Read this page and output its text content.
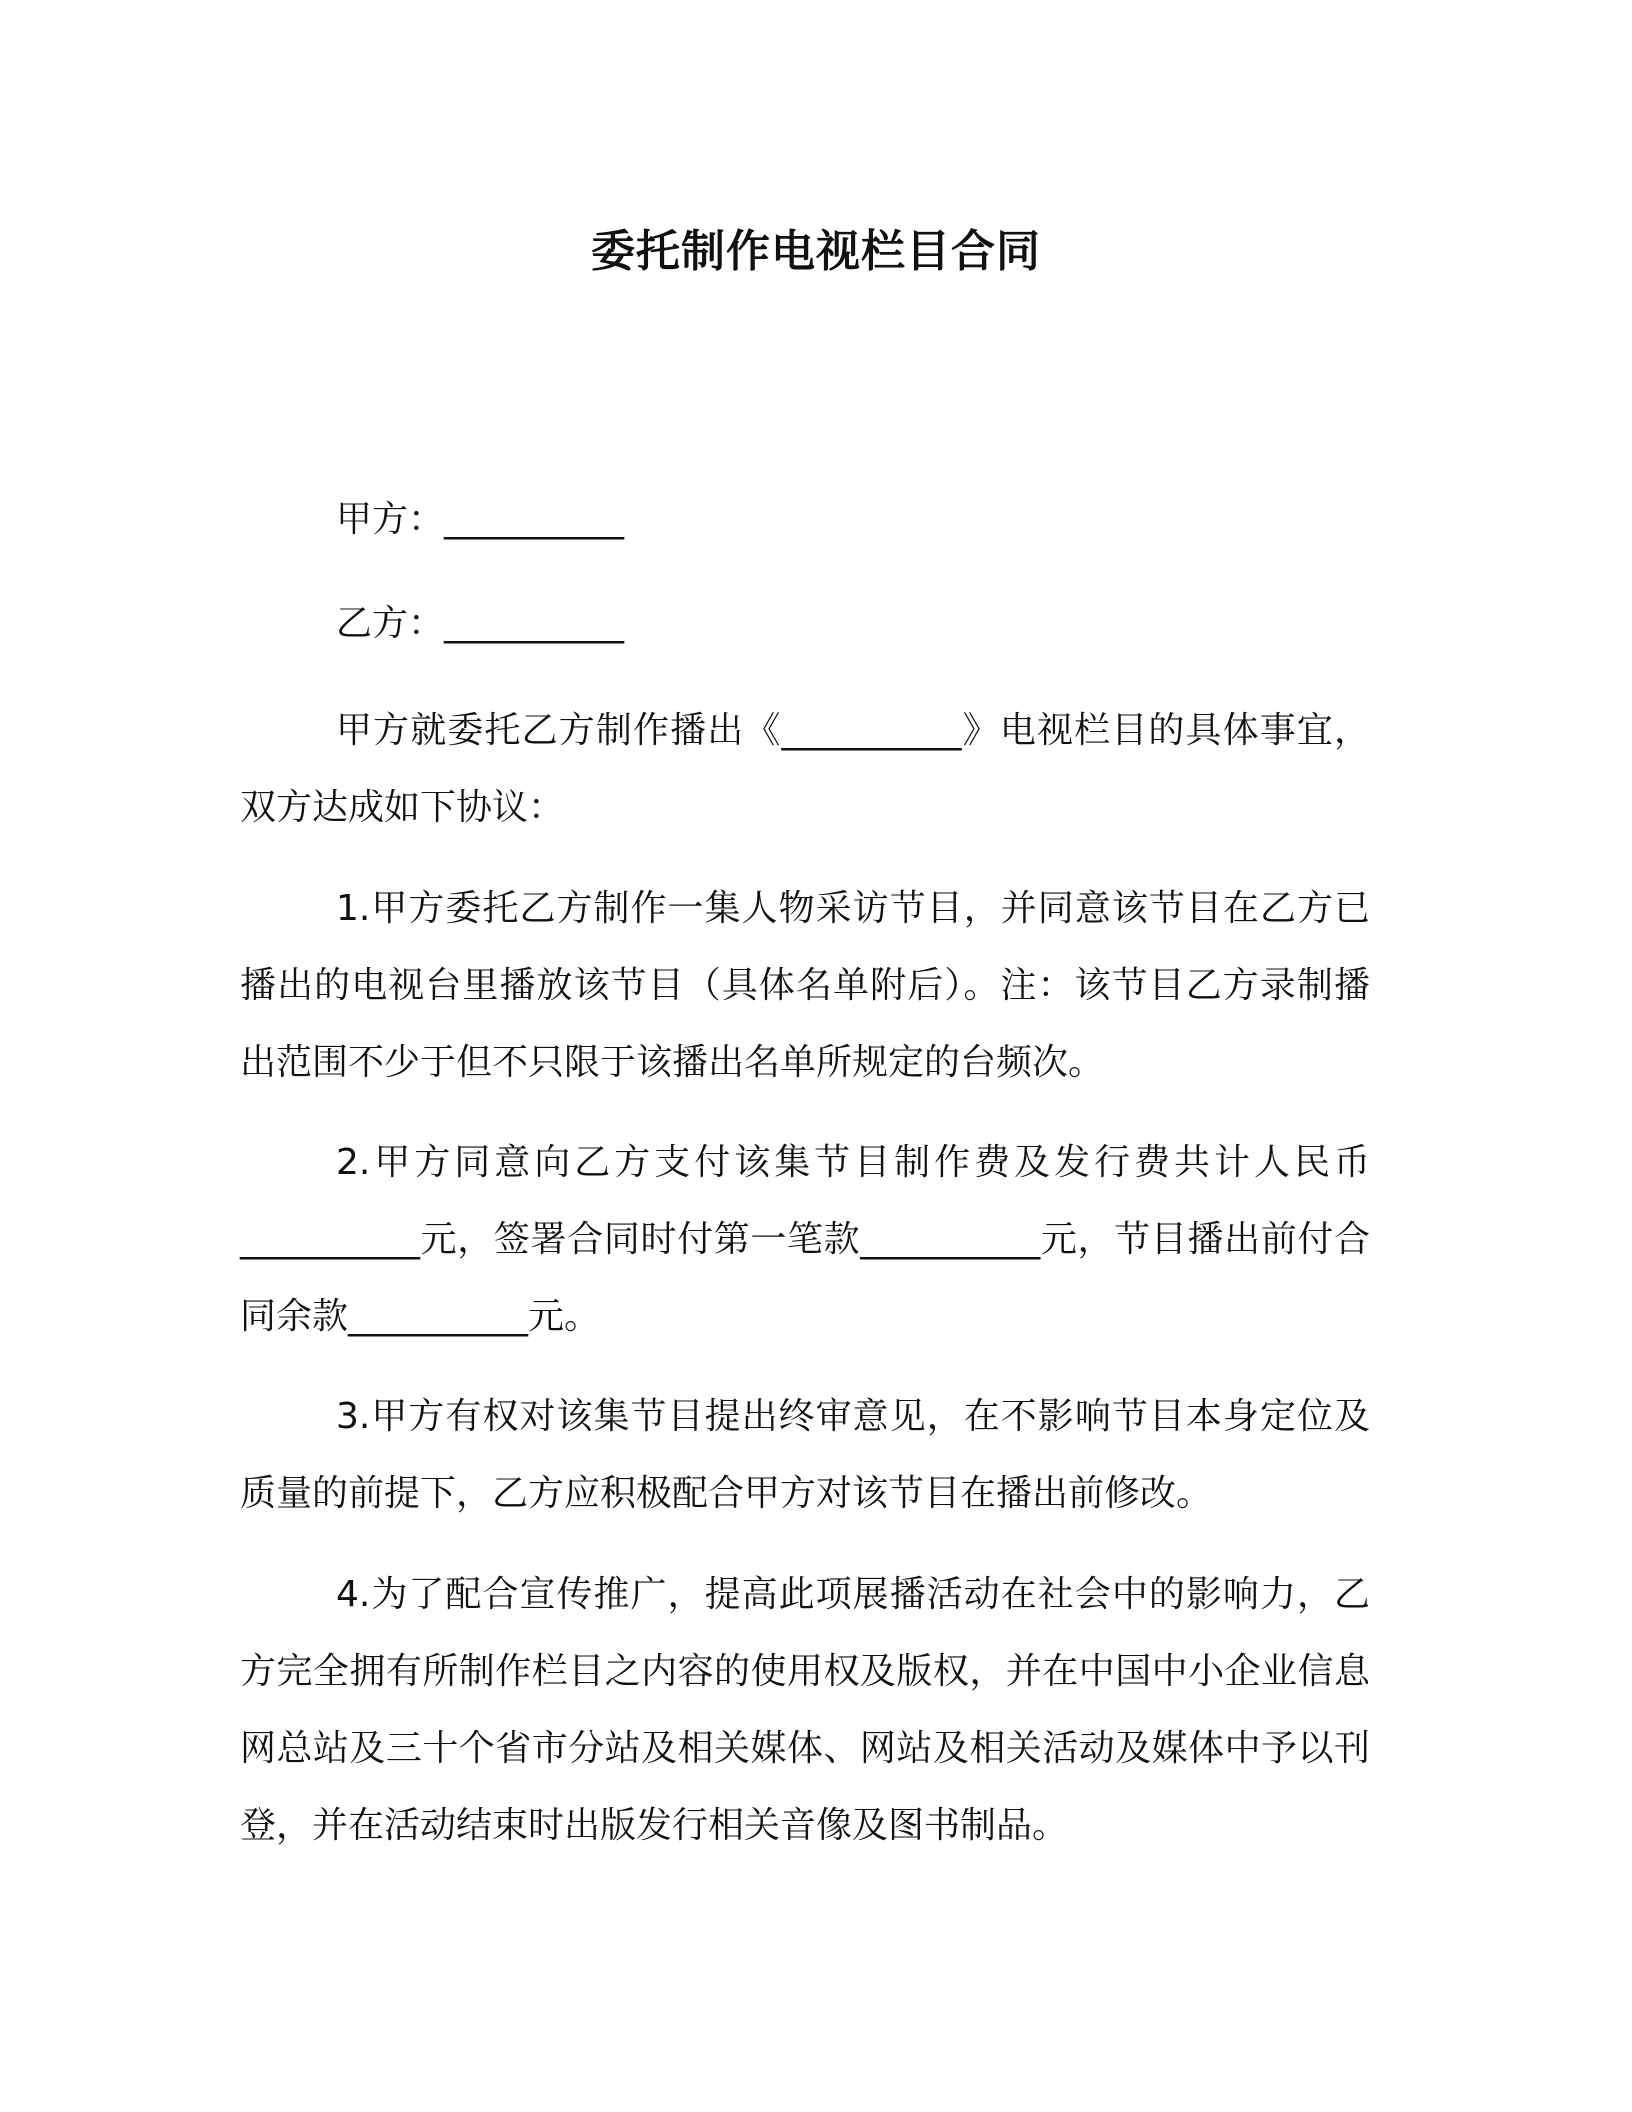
委托制作电视栏目合同
甲方：__________
乙方：__________
甲方就委托乙方制作播出《__________》电视栏目的具体事宜，双方达成如下协议：
1.甲方委托乙方制作一集人物采访节目，并同意该节目在乙方已播出的电视台里播放该节目（具体名单附后）。注：该节目乙方录制播出范围不少于但不只限于该播出名单所规定的台频次。
2.甲方同意向乙方支付该集节目制作费及发行费共计人民币__________元，签署合同时付第一笔款__________元，节目播出前付合同余款__________元。
3.甲方有权对该集节目提出终审意见，在不影响节目本身定位及质量的前提下，乙方应积极配合甲方对该节目在播出前修改。
4.为了配合宣传推广，提高此项展播活动在社会中的影响力，乙方完全拥有所制作栏目之内容的使用权及版权，并在中国中小企业信息网总站及三十个省市分站及相关媒体、网站及相关活动及媒体中予以刊登，并在活动结束时出版发行相关音像及图书制品。
